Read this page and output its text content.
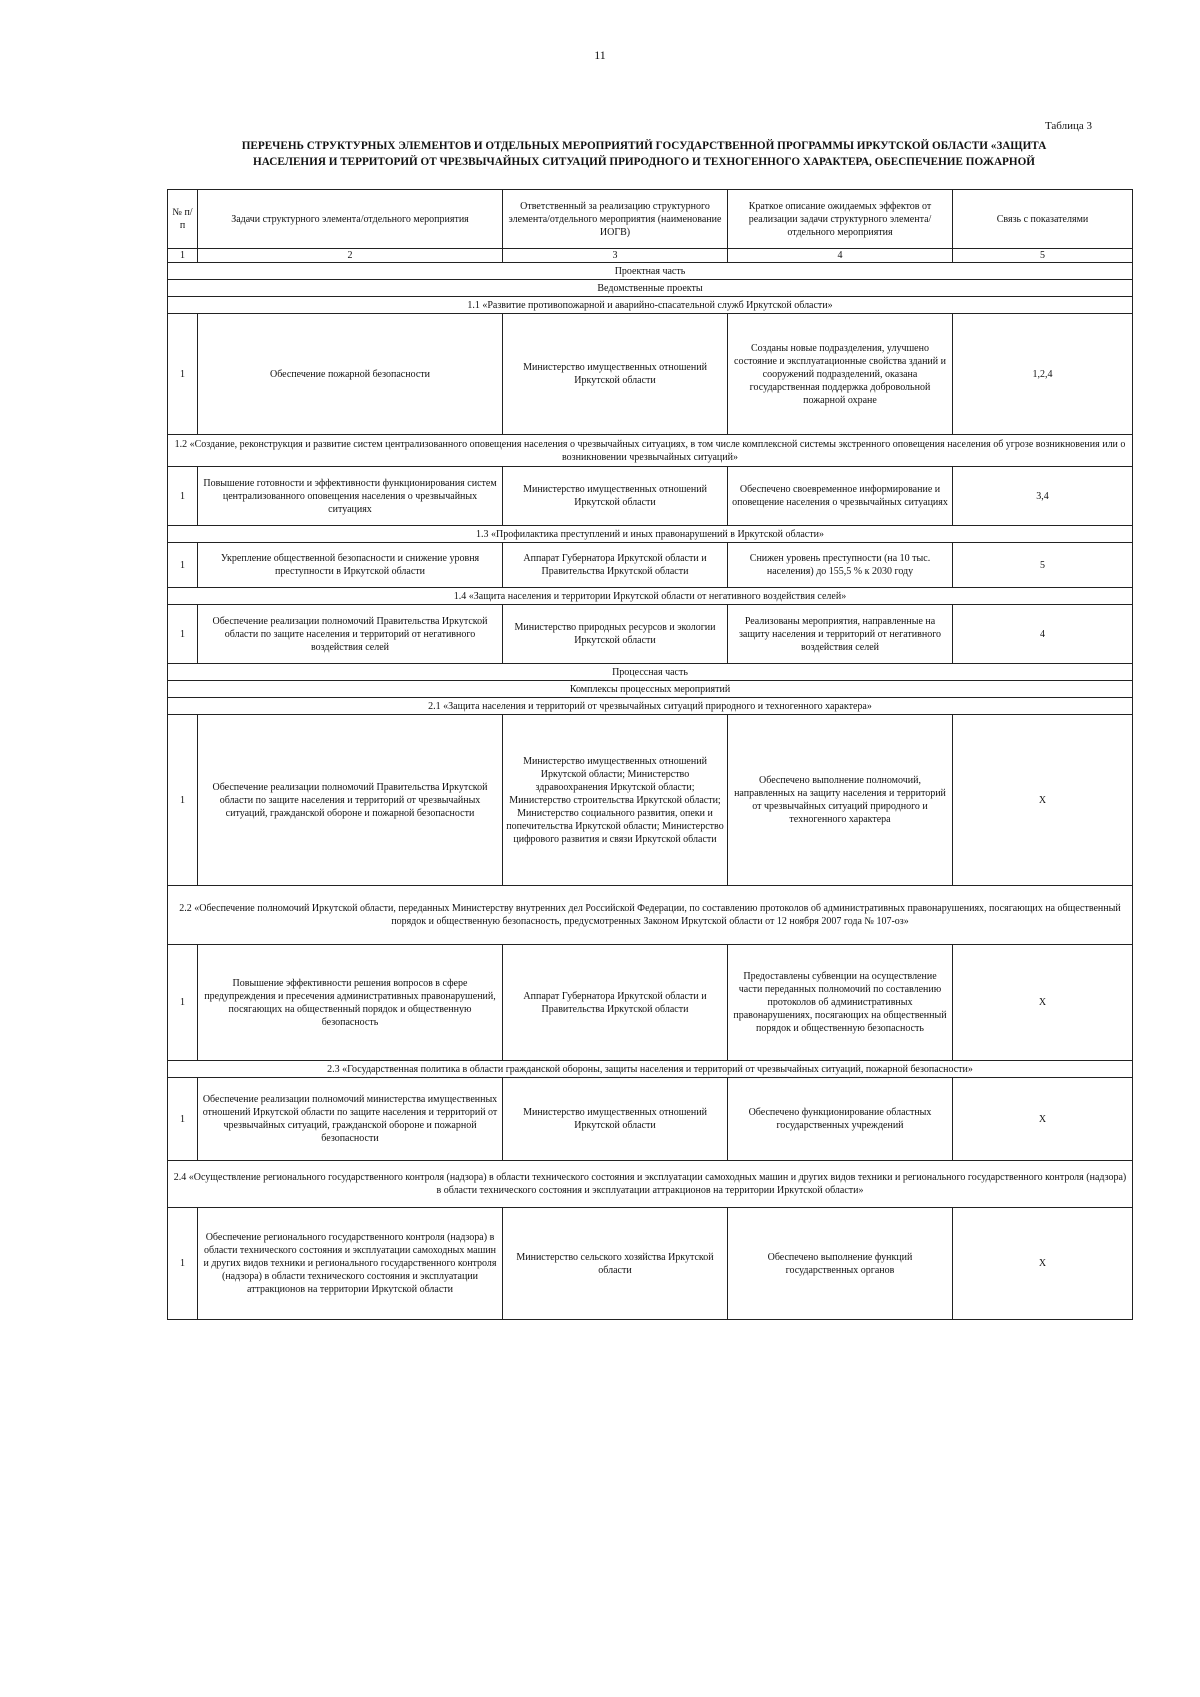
11
Таблица 3
ПЕРЕЧЕНЬ СТРУКТУРНЫХ ЭЛЕМЕНТОВ И ОТДЕЛЬНЫХ МЕРОПРИЯТИЙ ГОСУДАРСТВЕННОЙ ПРОГРАММЫ ИРКУТСКОЙ ОБЛАСТИ «ЗАЩИТА
НАСЕЛЕНИЯ И ТЕРРИТОРИЙ ОТ ЧРЕЗВЫЧАЙНЫХ СИТУАЦИЙ ПРИРОДНОГО И ТЕХНОГЕННОГО ХАРАКТЕРА, ОБЕСПЕЧЕНИЕ ПОЖАРНОЙ
№ п/п	Задачи структурного элемента/отдельного мероприятия	Ответственный за реализацию структурного элемента/отдельного мероприятия (наименование ИОГВ)	Краткое описание ожидаемых эффектов от реализации задачи структурного элемента/отдельного мероприятия	Связь с показателями
1	2	3	4	5
Проектная часть				
Ведомственные проекты				
1.1 «Развитие противопожарной и аварийно-спасательной служб Иркутской области»				
1	Обеспечение пожарной безопасности	Министерство имущественных отношений Иркутской области	Созданы новые подразделения, улучшено состояние и эксплуатационные свойства зданий и сооружений подразделений, оказана государственная поддержка добровольной пожарной охране	1,2,4
1.2 «Создание, реконструкция и развитие систем централизованного оповещения населения о чрезвычайных ситуациях, в том числе комплексной системы экстренного оповещения населения об угрозе возникновения или о возникновении чрезвычайных ситуаций»				
1	Повышение готовности и эффективности функционирования систем централизованного оповещения населения о чрезвычайных ситуациях	Министерство имущественных отношений Иркутской области	Обеспечено своевременное информирование и оповещение населения о чрезвычайных ситуациях	3,4
1.3 «Профилактика преступлений и иных правонарушений в Иркутской области»				
1	Укрепление общественной безопасности и снижение уровня преступности в Иркутской области	Аппарат Губернатора Иркутской области и Правительства Иркутской области	Снижен уровень преступности (на 10 тыс. населения) до 155,5 % к 2030 году	5
1.4 «Защита населения и территории Иркутской области от негативного воздействия селей»				
1	Обеспечение реализации полномочий Правительства Иркутской области по защите населения и территорий от негативного воздействия селей	Министерство природных ресурсов и экологии Иркутской области	Реализованы мероприятия, направленные на защиту населения и территорий от негативного воздействия селей	4
Процессная часть				
Комплексы процессных мероприятий				
2.1 «Защита населения и территорий от чрезвычайных ситуаций природного и техногенного характера»				
1	Обеспечение реализации полномочий Правительства Иркутской области по защите населения и территорий от чрезвычайных ситуаций, гражданской обороне и пожарной безопасности	Министерство имущественных отношений Иркутской области; Министерство здравоохранения Иркутской области; Министерство строительства Иркутской области; Министерство социального развития, опеки и попечительства Иркутской области; Министерство цифрового развития и связи Иркутской области	Обеспечено выполнение полномочий, направленных на защиту населения и территорий от чрезвычайных ситуаций природного и техногенного характера	Х
2.2 «Обеспечение полномочий Иркутской области, переданных Министерству внутренних дел Российской Федерации, по составлению протоколов об административных правонарушениях, посягающих на общественный порядок и общественную безопасность, предусмотренных Законом Иркутской области от 12 ноября 2007 года № 107-оз»				
1	Повышение эффективности решения вопросов в сфере предупреждения и пресечения административных правонарушений, посягающих на общественный порядок и общественную безопасность	Аппарат Губернатора Иркутской области и Правительства Иркутской области	Предоставлены субвенции на осуществление части переданных полномочий по составлению протоколов об административных правонарушениях, посягающих на общественный порядок и общественную безопасность	Х
2.3 «Государственная политика в области гражданской обороны, защиты населения и территорий от чрезвычайных ситуаций, пожарной безопасности»				
1	Обеспечение реализации полномочий министерства имущественных отношений Иркутской области по защите населения и территорий от чрезвычайных ситуаций, гражданской обороне и пожарной безопасности	Министерство имущественных отношений Иркутской области	Обеспечено функционирование областных государственных учреждений	Х
2.4 «Осуществление регионального государственного контроля (надзора) в области технического состояния и эксплуатации самоходных машин и других видов техники и регионального государственного контроля (надзора) в области технического состояния и эксплуатации аттракционов на территории Иркутской области»				
1	Обеспечение регионального государственного контроля (надзора) в области технического состояния и эксплуатации самоходных машин и других видов техники и регионального государственного контроля (надзора) в области технического состояния и эксплуатации аттракционов на территории Иркутской области	Министерство сельского хозяйства Иркутской области	Обеспечено выполнение функций государственных органов	Х
